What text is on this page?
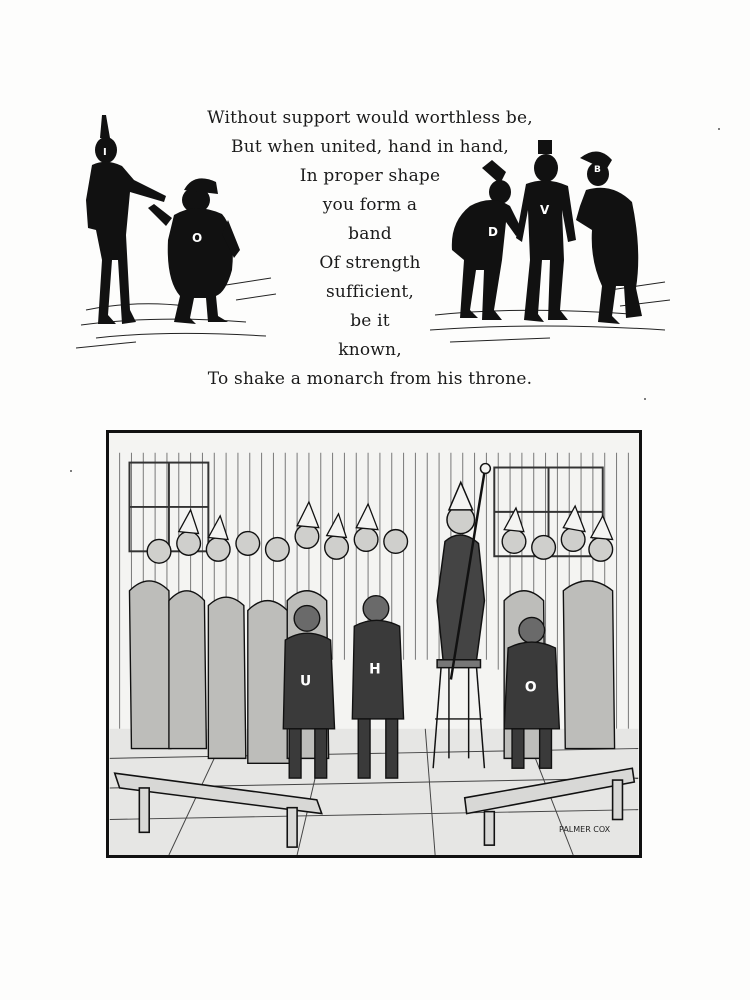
I
O
Without support would worthless be,
But when united, hand in hand,
In proper shape
you form a
band
Of strength
sufficient,
be it
known,
To shake a monarch from his throne.
D
V
B
U
H
O
PALMER COX
